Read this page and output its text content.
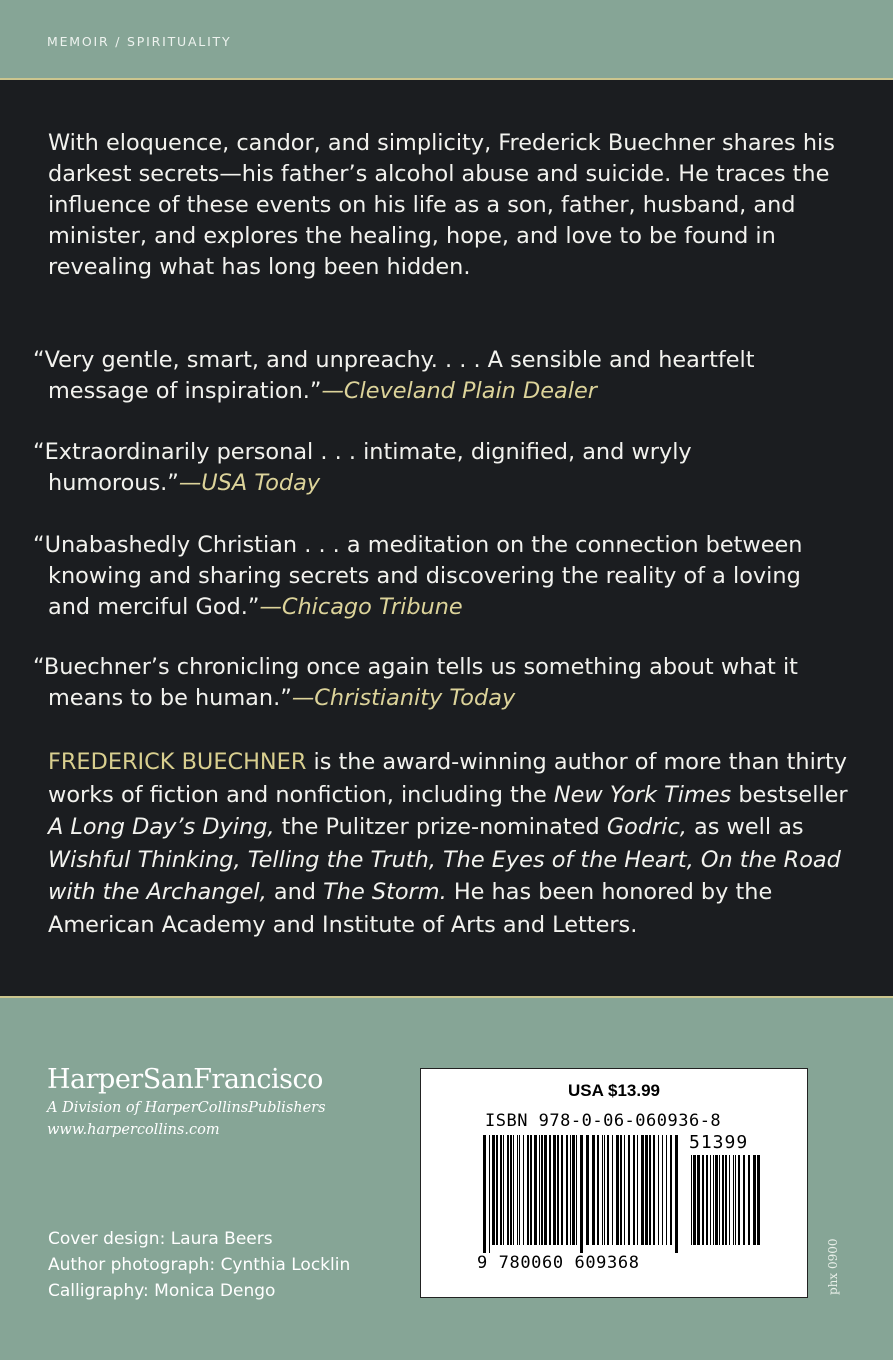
MEMOIR / SPIRITUALITY

With eloquence, candor, and simplicity, Frederick Buechner shares his darkest secrets—his father’s alcohol abuse and suicide. He traces the influence of these events on his life as a son, father, husband, and minister, and explores the healing, hope, and love to be found in revealing what has long been hidden.

“Very gentle, smart, and unpreachy. . . . A sensible and heartfelt message of inspiration.”—Cleveland Plain Dealer

“Extraordinarily personal . . . intimate, dignified, and wryly humorous.”—USA Today

“Unabashedly Christian . . . a meditation on the connection between knowing and sharing secrets and discovering the reality of a loving and merciful God.”—Chicago Tribune

“Buechner’s chronicling once again tells us something about what it means to be human.”—Christianity Today

FREDERICK BUECHNER is the award-winning author of more than thirty works of fiction and nonfiction, including the New York Times bestseller A Long Day’s Dying, the Pulitzer prize-nominated Godric, as well as Wishful Thinking, Telling the Truth, The Eyes of the Heart, On the Road with the Archangel, and The Storm. He has been honored by the American Academy and Institute of Arts and Letters.

HarperSanFrancisco
A Division of HarperCollinsPublishers
www.harpercollins.com
Cover design: Laura Beers
Author photograph: Cynthia Locklin
Calligraphy: Monica Dengo
USA $13.99
ISBN 978-0-06-060936-8
51399
9 780060 609368	phx 0900
